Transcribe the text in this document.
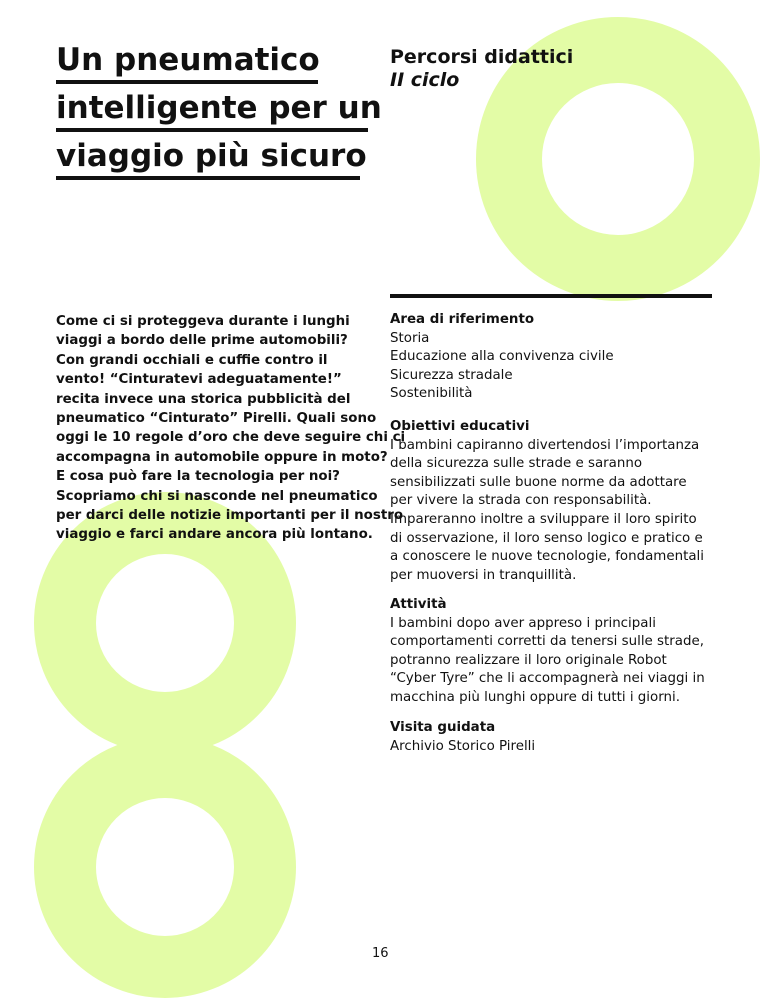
Un pneumatico
intelligente per un
viaggio più sicuro
Percorsi didattici
II ciclo

Come ci si proteggeva durante i lunghi
viaggi a bordo delle prime automobili?
Con grandi occhiali e cuffie contro il
vento! “Cinturatevi adeguatamente!”
recita invece una storica pubblicità del
pneumatico “Cinturato” Pirelli. Quali sono
oggi le 10 regole d’oro che deve seguire chi ci
accompagna in automobile oppure in moto?
E cosa può fare la tecnologia per noi?
Scopriamo chi si nasconde nel pneumatico
per darci delle notizie importanti per il nostro
viaggio e farci andare ancora più lontano.

Area di riferimento
Storia
Educazione alla convivenza civile
Sicurezza stradale
Sostenibilità
Obiettivi educativi
I bambini capiranno divertendosi l’importanza
della sicurezza sulle strade e saranno
sensibilizzati sulle buone norme da adottare
per vivere la strada con responsabilità.
Impareranno inoltre a sviluppare il loro spirito
di osservazione, il loro senso logico e pratico e
a conoscere le nuove tecnologie, fondamentali
per muoversi in tranquillità.
Attività
I bambini dopo aver appreso i principali
comportamenti corretti da tenersi sulle strade,
potranno realizzare il loro originale Robot
“Cyber Tyre” che li accompagnerà nei viaggi in
macchina più lunghi oppure di tutti i giorni.
Visita guidata
Archivio Storico Pirelli
16
